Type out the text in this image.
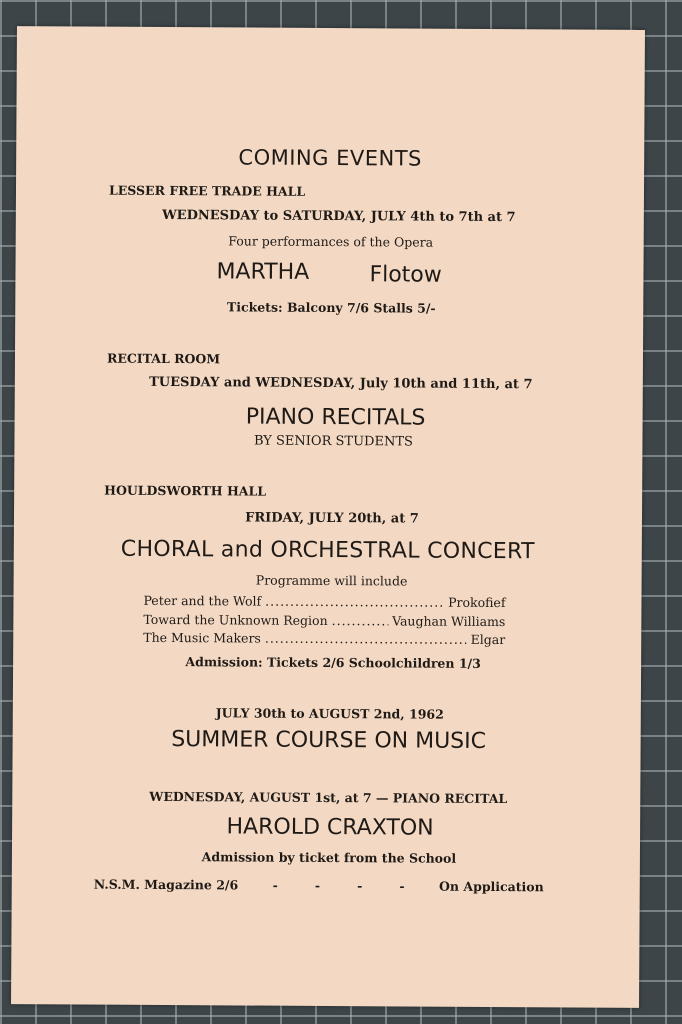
COMING EVENTS
LESSER FREE TRADE HALL
WEDNESDAY to SATURDAY, JULY 4th to 7th at 7
Four performances of the Opera
MARTHA	Flotow
Tickets: Balcony 7/6 Stalls 5/-
RECITAL ROOM
TUESDAY and WEDNESDAY, July 10th and 11th, at 7
PIANO RECITALS
BY SENIOR STUDENTS
HOULDSWORTH HALL
FRIDAY, JULY 20th, at 7
CHORAL and ORCHESTRAL CONCERT
Programme will include
Peter and the Wolf .....	Prokofief
Toward the Unknown Region .....	Vaughan Williams
The Music Makers .....	Elgar
Admission: Tickets 2/6 Schoolchildren 1/3
JULY 30th to AUGUST 2nd, 1962
SUMMER COURSE ON MUSIC
WEDNESDAY, AUGUST 1st, at 7 — PIANO RECITAL
HAROLD CRAXTON
Admission by ticket from the School
N.S.M. Magazine 2/6	-	-	-	-	On Application
